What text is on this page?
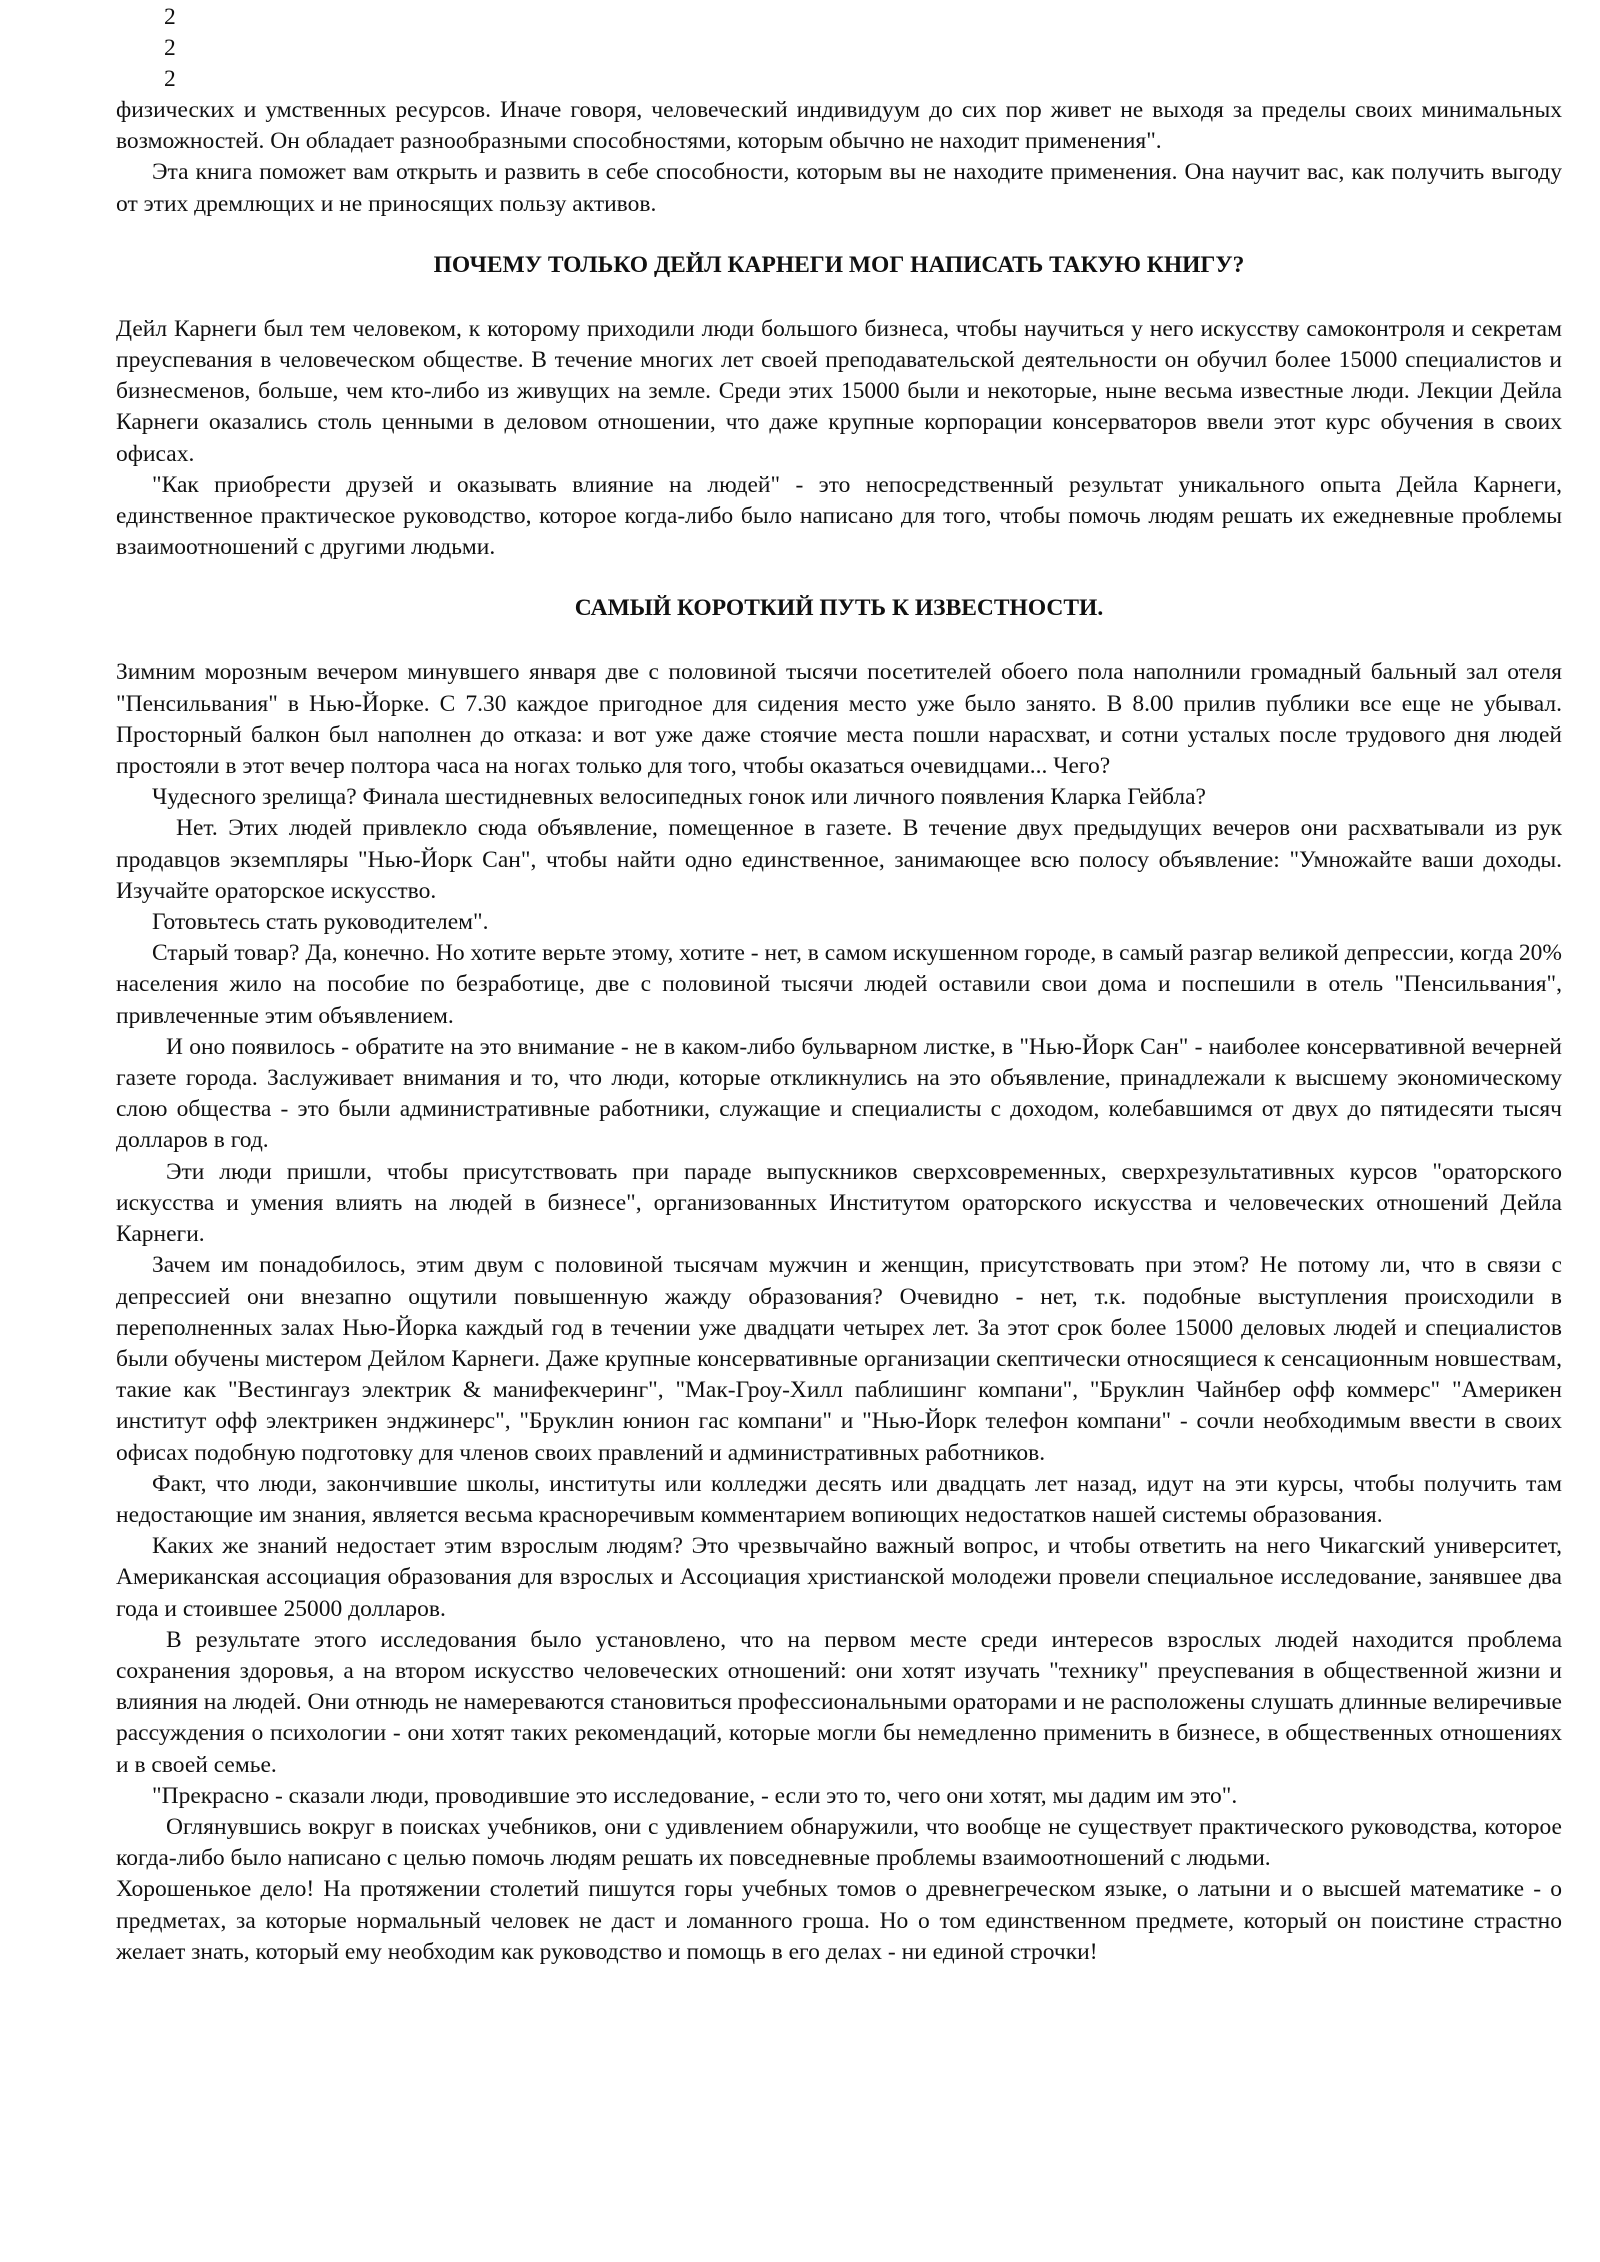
2
2
2

физических и умственных ресурсов. Иначе говоря, человеческий индивидуум до сих пор живет не выходя за пределы своих минимальных возможностей. Он обладает разнообразными способностями, которым обычно не находит применения".

Эта книга поможет вам открыть и развить в себе способности, которым вы не находите применения. Она научит вас, как получить выгоду от этих дремлющих и не приносящих пользу активов.

ПОЧЕМУ ТОЛЬКО ДЕЙЛ КАРНЕГИ МОГ НАПИСАТЬ ТАКУЮ КНИГУ?

Дейл Карнеги был тем человеком, к которому приходили люди большого бизнеса, чтобы научиться у него искусству самоконтроля и секретам преуспевания в человеческом обществе. В течение многих лет своей преподавательской деятельности он обучил более 15000 специалистов и бизнесменов, больше, чем кто-либо из живущих на земле. Среди этих 15000 были и некоторые, ныне весьма известные люди. Лекции Дейла Карнеги оказались столь ценными в деловом отношении, что даже крупные корпорации консерваторов ввели этот курс обучения в своих офисах.

"Как приобрести друзей и оказывать влияние на людей" - это непосредственный результат уникального опыта Дейла Карнеги, единственное практическое руководство, которое когда-либо было написано для того, чтобы помочь людям решать их ежедневные проблемы взаимоотношений с другими людьми.

САМЫЙ КОРОТКИЙ ПУТЬ К ИЗВЕСТНОСТИ.

Зимним морозным вечером минувшего января две с половиной тысячи посетителей обоего пола наполнили громадный бальный зал отеля "Пенсильвания" в Нью-Йорке. С 7.30 каждое пригодное для сидения место уже было занято. В 8.00 прилив публики все еще не убывал. Просторный балкон был наполнен до отказа: и вот уже даже стоячие места пошли нарасхват, и сотни усталых после трудового дня людей простояли в этот вечер полтора часа на ногах только для того, чтобы оказаться очевидцами... Чего?

Чудесного зрелища? Финала шестидневных велосипедных гонок или личного появления Кларка Гейбла?

Нет. Этих людей привлекло сюда объявление, помещенное в газете. В течение двух предыдущих вечеров они расхватывали из рук продавцов экземпляры "Нью-Йорк Сан", чтобы найти одно единственное, занимающее всю полосу объявление: "Умножайте ваши доходы. Изучайте ораторское искусство.

Готовьтесь стать руководителем".

Старый товар? Да, конечно. Но хотите верьте этому, хотите - нет, в самом искушенном городе, в самый разгар великой депрессии, когда 20% населения жило на пособие по безработице, две с половиной тысячи людей оставили свои дома и поспешили в отель "Пенсильвания", привлеченные этим объявлением.

И оно появилось - обратите на это внимание - не в каком-либо бульварном листке, в "Нью-Йорк Сан" - наиболее консервативной вечерней газете города. Заслуживает внимания и то, что люди, которые откликнулись на это объявление, принадлежали к высшему экономическому слою общества - это были административные работники, служащие и специалисты с доходом, колебавшимся от двух до пятидесяти тысяч долларов в год.

Эти люди пришли, чтобы присутствовать при параде выпускников сверхсовременных, сверхрезультативных курсов "ораторского искусства и умения влиять на людей в бизнесе", организованных Институтом ораторского искусства и человеческих отношений Дейла Карнеги.

Зачем им понадобилось, этим двум с половиной тысячам мужчин и женщин, присутствовать при этом? Не потому ли, что в связи с депрессией они внезапно ощутили повышенную жажду образования? Очевидно - нет, т.к. подобные выступления происходили в переполненных залах Нью-Йорка каждый год в течении уже двадцати четырех лет. За этот срок более 15000 деловых людей и специалистов были обучены мистером Дейлом Карнеги. Даже крупные консервативные организации скептически относящиеся к сенсационным новшествам, такие как "Вестингауз электрик & манифекчеринг", "Мак-Гроу-Хилл паблишинг компани", "Бруклин Чайнбер офф коммерс" "Америкен институт офф электрикен энджинерс", "Бруклин юнион гас компани" и "Нью-Йорк телефон компани" - сочли необходимым ввести в своих офисах подобную подготовку для членов своих правлений и административных работников.

Факт, что люди, закончившие школы, институты или колледжи десять или двадцать лет назад, идут на эти курсы, чтобы получить там недостающие им знания, является весьма красноречивым комментарием вопиющих недостатков нашей системы образования.

Каких же знаний недостает этим взрослым людям? Это чрезвычайно важный вопрос, и чтобы ответить на него Чикагский университет, Американская ассоциация образования для взрослых и Ассоциация христианской молодежи провели специальное исследование, занявшее два года и стоившее 25000 долларов.

В результате этого исследования было установлено, что на первом месте среди интересов взрослых людей находится проблема сохранения здоровья, а на втором искусство человеческих отношений: они хотят изучать "технику" преуспевания в общественной жизни и влияния на людей. Они отнюдь не намереваются становиться профессиональными ораторами и не расположены слушать длинные велиречивые рассуждения о психологии - они хотят таких рекомендаций, которые могли бы немедленно применить в бизнесе, в общественных отношениях и в своей семье.

"Прекрасно - сказали люди, проводившие это исследование, - если это то, чего они хотят, мы дадим им это".

Оглянувшись вокруг в поисках учебников, они с удивлением обнаружили, что вообще не существует практического руководства, которое когда-либо было написано с целью помочь людям решать их повседневные проблемы взаимоотношений с людьми.

Хорошенькое дело! На протяжении столетий пишутся горы учебных томов о древнегреческом языке, о латыни и о высшей математике - о предметах, за которые нормальный человек не даст и ломанного гроша. Но о том единственном предмете, который он поистине страстно желает знать, который ему необходим как руководство и помощь в его делах - ни единой строчки!
